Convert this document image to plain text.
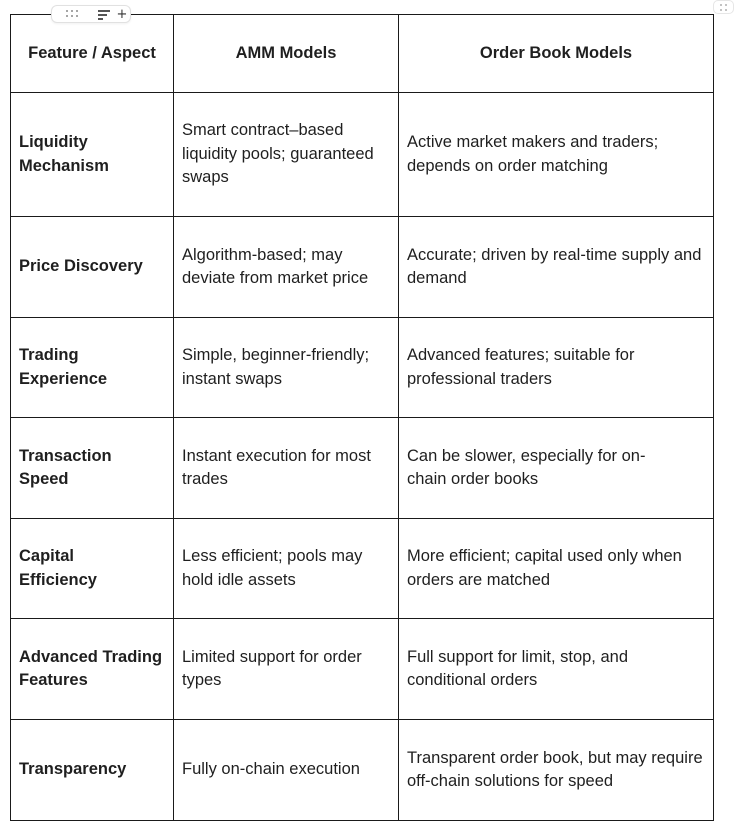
+
Feature / Aspect	AMM Models	Order Book Models
Liquidity Mechanism	Smart contract–based liquidity pools; guaranteed swaps	Active market makers and traders; depends on order matching
Price Discovery	Algorithm-based; may deviate from market price	Accurate; driven by real-time supply and demand
Trading Experience	Simple, beginner-friendly; instant swaps	Advanced features; suitable for professional traders
Transaction Speed	Instant execution for most trades	Can be slower, especially for on-chain order books
Capital Efficiency	Less efficient; pools may hold idle assets	More efficient; capital used only when orders are matched
Advanced Trading Features	Limited support for order types	Full support for limit, stop, and conditional orders
Transparency	Fully on-chain execution	Transparent order book, but may require off-chain solutions for speed
